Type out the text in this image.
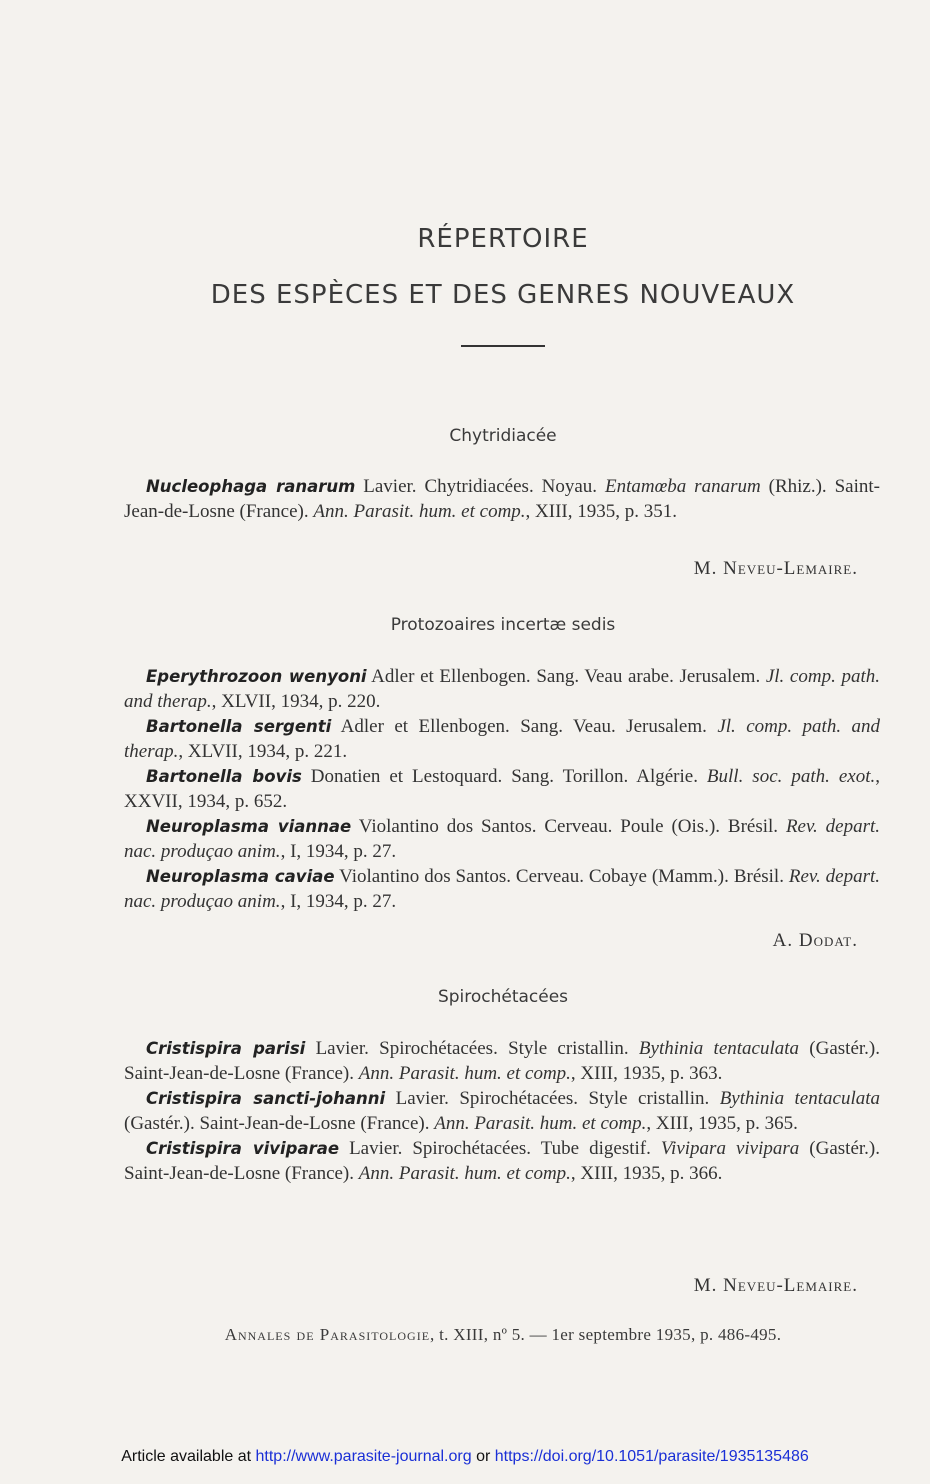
RÉPERTOIRE
DES ESPÈCES ET DES GENRES NOUVEAUX
Chytridiacée

Nucleophaga ranarum Lavier. Chytridiacées. Noyau. Entamœba ranarum (Rhiz.). Saint-Jean-de-Losne (France). Ann. Parasit. hum. et comp., XIII, 1935, p. 351.

M. Neveu-Lemaire.
Protozoaires incertæ sedis

Eperythrozoon wenyoni Adler et Ellenbogen. Sang. Veau arabe. Jerusalem. Jl. comp. path. and therap., XLVII, 1934, p. 220.

Bartonella sergenti Adler et Ellenbogen. Sang. Veau. Jerusalem. Jl. comp. path. and therap., XLVII, 1934, p. 221.

Bartonella bovis Donatien et Lestoquard. Sang. Torillon. Algérie. Bull. soc. path. exot., XXVII, 1934, p. 652.

Neuroplasma viannae Violantino dos Santos. Cerveau. Poule (Ois.). Brésil. Rev. depart. nac. produçao anim., I, 1934, p. 27.

Neuroplasma caviae Violantino dos Santos. Cerveau. Cobaye (Mamm.). Brésil. Rev. depart. nac. produçao anim., I, 1934, p. 27.

A. Dodat.
Spirochétacées

Cristispira parisi Lavier. Spirochétacées. Style cristallin. Bythinia tentaculata (Gastér.). Saint-Jean-de-Losne (France). Ann. Parasit. hum. et comp., XIII, 1935, p. 363.

Cristispira sancti-johanni Lavier. Spirochétacées. Style cristallin. Bythinia tentaculata (Gastér.). Saint-Jean-de-Losne (France). Ann. Parasit. hum. et comp., XIII, 1935, p. 365.

Cristispira viviparae Lavier. Spirochétacées. Tube digestif. Vivipara vivipara (Gastér.). Saint-Jean-de-Losne (France). Ann. Parasit. hum. et comp., XIII, 1935, p. 366.

M. Neveu-Lemaire.
Annales de Parasitologie, t. XIII, nº 5. — 1er septembre 1935, p. 486-495.
Article available at http://www.parasite-journal.org or https://doi.org/10.1051/parasite/1935135486
